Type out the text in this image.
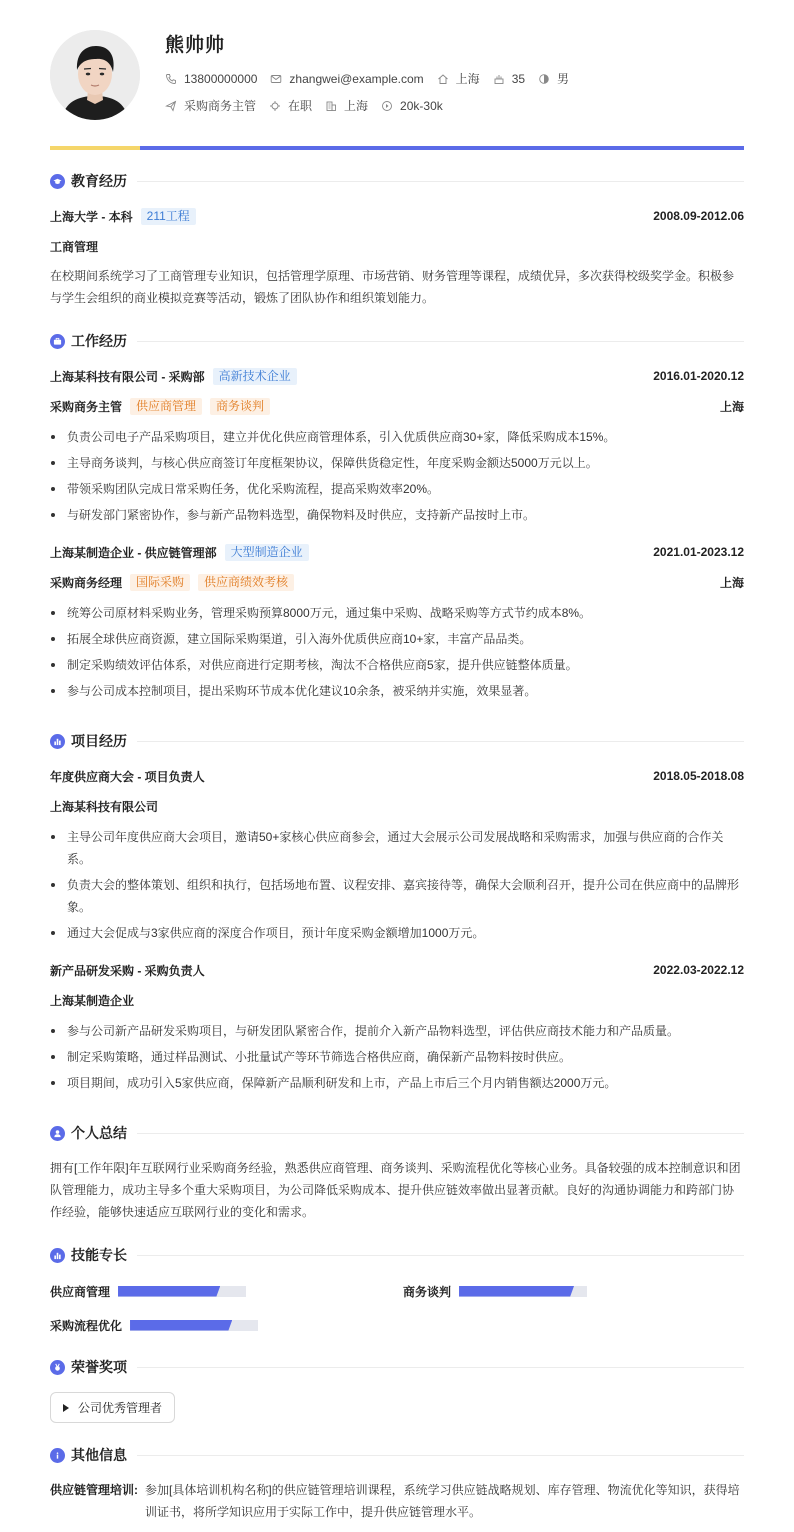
熊帅帅
13800000000	zhangwei@example.com	上海	35	男
采购商务主管	在职	上海	20k-30k
教育经历
上海大学 - 本科	211工程	2008.09-2012.06
工商管理
在校期间系统学习了工商管理专业知识，包括管理学原理、市场营销、财务管理等课程，成绩优异，多次获得校级奖学金。积极参与学生会组织的商业模拟竞赛等活动，锻炼了团队协作和组织策划能力。
工作经历
上海某科技有限公司 - 采购部	高新技术企业	2016.01-2020.12
采购商务主管	供应商管理	商务谈判	上海
负责公司电子产品采购项目，建立并优化供应商管理体系，引入优质供应商30+家，降低采购成本15%。
主导商务谈判，与核心供应商签订年度框架协议，保障供货稳定性，年度采购金额达5000万元以上。
带领采购团队完成日常采购任务，优化采购流程，提高采购效率20%。
与研发部门紧密协作，参与新产品物料选型，确保物料及时供应，支持新产品按时上市。
上海某制造企业 - 供应链管理部	大型制造企业	2021.01-2023.12
采购商务经理	国际采购	供应商绩效考核	上海
统筹公司原材料采购业务，管理采购预算8000万元，通过集中采购、战略采购等方式节约成本8%。
拓展全球供应商资源，建立国际采购渠道，引入海外优质供应商10+家，丰富产品品类。
制定采购绩效评估体系，对供应商进行定期考核，淘汰不合格供应商5家，提升供应链整体质量。
参与公司成本控制项目，提出采购环节成本优化建议10余条，被采纳并实施，效果显著。
项目经历
年度供应商大会 - 项目负责人	2018.05-2018.08
上海某科技有限公司
主导公司年度供应商大会项目，邀请50+家核心供应商参会，通过大会展示公司发展战略和采购需求，加强与供应商的合作关系。
负责大会的整体策划、组织和执行，包括场地布置、议程安排、嘉宾接待等，确保大会顺利召开，提升公司在供应商中的品牌形象。
通过大会促成与3家供应商的深度合作项目，预计年度采购金额增加1000万元。
新产品研发采购 - 采购负责人	2022.03-2022.12
上海某制造企业
参与公司新产品研发采购项目，与研发团队紧密合作，提前介入新产品物料选型，评估供应商技术能力和产品质量。
制定采购策略，通过样品测试、小批量试产等环节筛选合格供应商，确保新产品物料按时供应。
项目期间，成功引入5家供应商，保障新产品顺利研发和上市，产品上市后三个月内销售额达2000万元。
个人总结
拥有[工作年限]年互联网行业采购商务经验，熟悉供应商管理、商务谈判、采购流程优化等核心业务。具备较强的成本控制意识和团队管理能力，成功主导多个重大采购项目，为公司降低采购成本、提升供应链效率做出显著贡献。良好的沟通协调能力和跨部门协作经验，能够快速适应互联网行业的变化和需求。
技能专长
供应商管理	商务谈判
采购流程优化
荣誉奖项
公司优秀管理者
其他信息
供应链管理培训: 参加[具体培训机构名称]的供应链管理培训课程，系统学习供应链战略规划、库存管理、物流优化等知识，获得培训证书，将所学知识应用于实际工作中，提升供应链管理水平。
